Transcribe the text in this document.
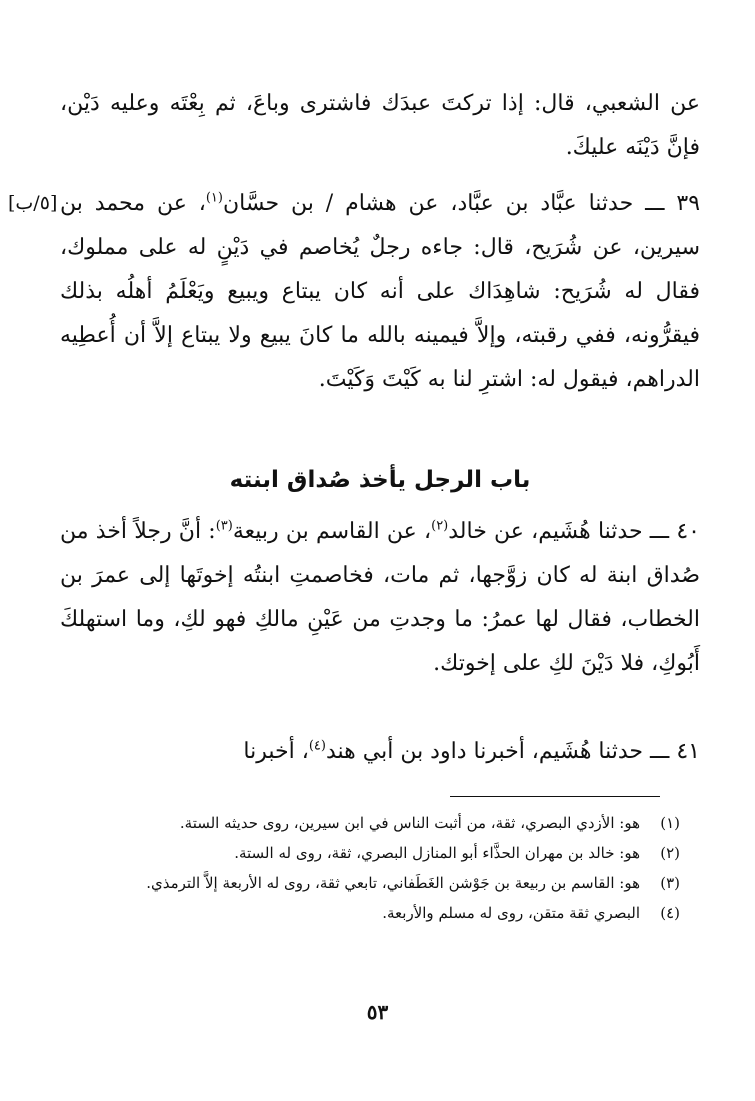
عن الشعبي، قال: إذا تركتَ عبدَك فاشترى وباعَ، ثم بِعْتَه وعليه دَيْن، فإنَّ دَيْنَه عليكَ.

[٥/ب]	٣٩ ـــ حدثنا عبَّاد بن عبَّاد، عن هشام / بن حسَّان$^{(١)}$، عن محمد بن سيرين، عن شُرَيح، قال: جاءه رجلٌ يُخاصم في دَيْنٍ له على مملوك، فقال له شُرَيح: شاهِدَاك على أنه كان يبتاع ويبيع ويَعْلَمُ أهلُه بذلك فيقرُّونه، ففي رقبته، وإلاَّ فيمينه بالله ما كانَ يبيع ولا يبتاع إلاَّ أن أُعطِيه الدراهم، فيقول له: اشترِ لنا به كَيْتَ وَكَيْتَ.

باب الرجل يأخذ صُداق ابنته

٤٠ ـــ حدثنا هُشَيم، عن خالد$^{(٢)}$، عن القاسم بن ربيعة$^{(٣)}$: أنَّ رجلاً أخذ من صُداق ابنة له كان زوَّجها، ثم مات، فخاصمتِ ابنتُه إخوتَها إلى عمرَ بن الخطاب، فقال لها عمرُ: ما وجدتِ من عَيْنِ مالكِ فهو لكِ، وما استهلكَ أَبُوكِ، فلا دَيْنَ لكِ على إخوتك.

٤١ ـــ حدثنا هُشَيم، أخبرنا داود بن أبي هند$^{(٤)}$، أخبرنا

(١)
هو: الأزدي البصري، ثقة، من أثبت الناس في ابن سيرين، روى حديثه الستة.

(٢)
هو: خالد بن مهران الحذَّاء أبو المنازل البصري، ثقة، روى له الستة.

(٣)
هو: القاسم بن ربيعة بن جَوْشن الغَطَفاني، تابعي ثقة، روى له الأربعة إلاَّ الترمذي.

(٤)
البصري ثقة متقن، روى له مسلم والأربعة.

٥٣
